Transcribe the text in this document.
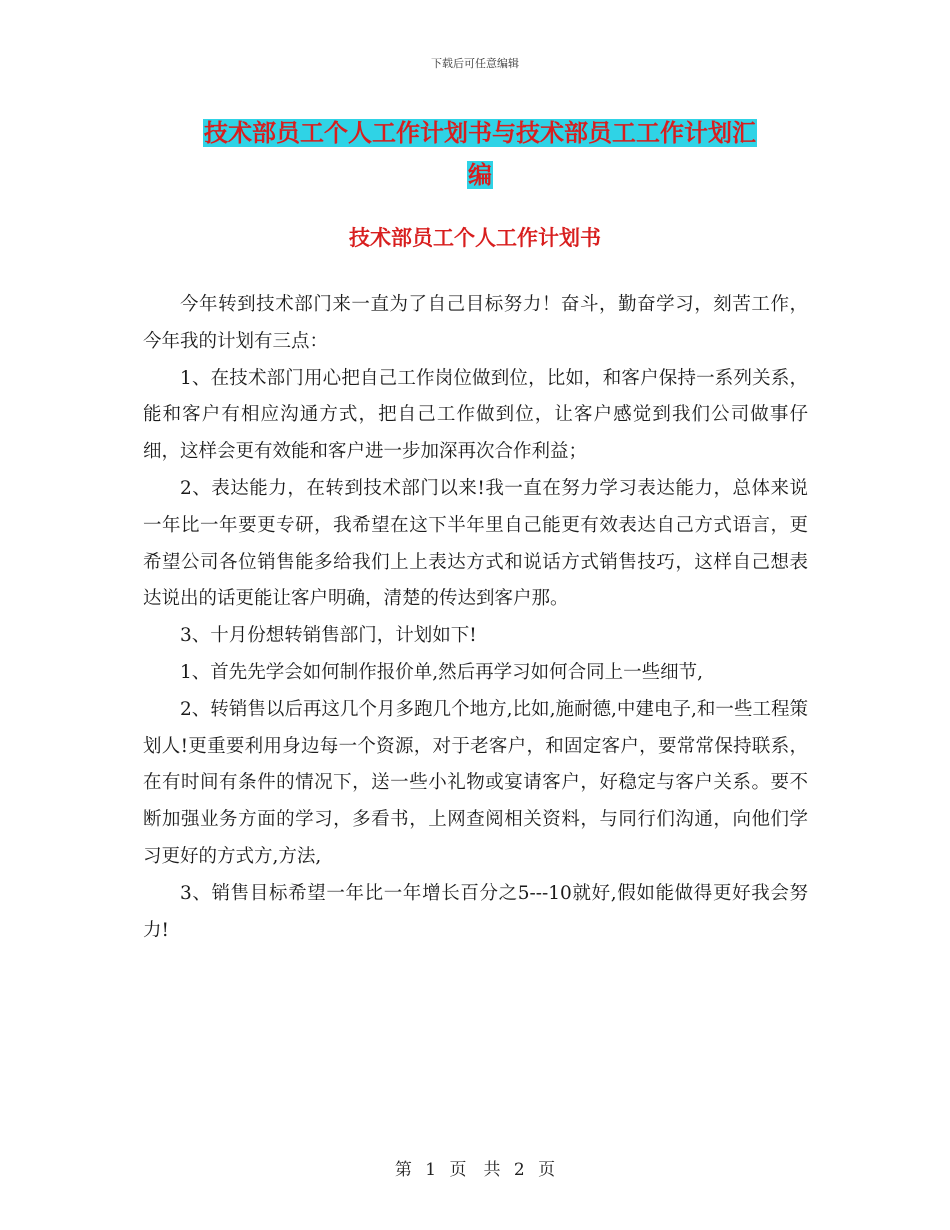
下载后可任意编辑
技术部员工个人工作计划书与技术部员工工作计划汇
编
技术部员工个人工作计划书

今年转到技术部门来一直为了自己目标努力！奋斗，勤奋学习，刻苦工作，今年我的计划有三点：

1、在技术部门用心把自己工作岗位做到位，比如，和客户保持一系列关系，能和客户有相应沟通方式，把自己工作做到位，让客户感觉到我们公司做事仔细，这样会更有效能和客户进一步加深再次合作利益；

2、表达能力，在转到技术部门以来!我一直在努力学习表达能力，总体来说一年比一年要更专研，我希望在这下半年里自己能更有效表达自己方式语言，更希望公司各位销售能多给我们上上表达方式和说话方式销售技巧，这样自己想表达说出的话更能让客户明确，清楚的传达到客户那。

3、十月份想转销售部门，计划如下!

1、首先先学会如何制作报价单,然后再学习如何合同上一些细节,

2、转销售以后再这几个月多跑几个地方,比如,施耐德,中建电子,和一些工程策划人!更重要利用身边每一个资源，对于老客户，和固定客户，要常常保持联系，在有时间有条件的情况下，送一些小礼物或宴请客户，好稳定与客户关系。要不断加强业务方面的学习，多看书，上网查阅相关资料，与同行们沟通，向他们学习更好的方式方,方法,

3、销售目标希望一年比一年增长百分之5---10就好,假如能做得更好我会努力!

第 1 页　共 2 页
